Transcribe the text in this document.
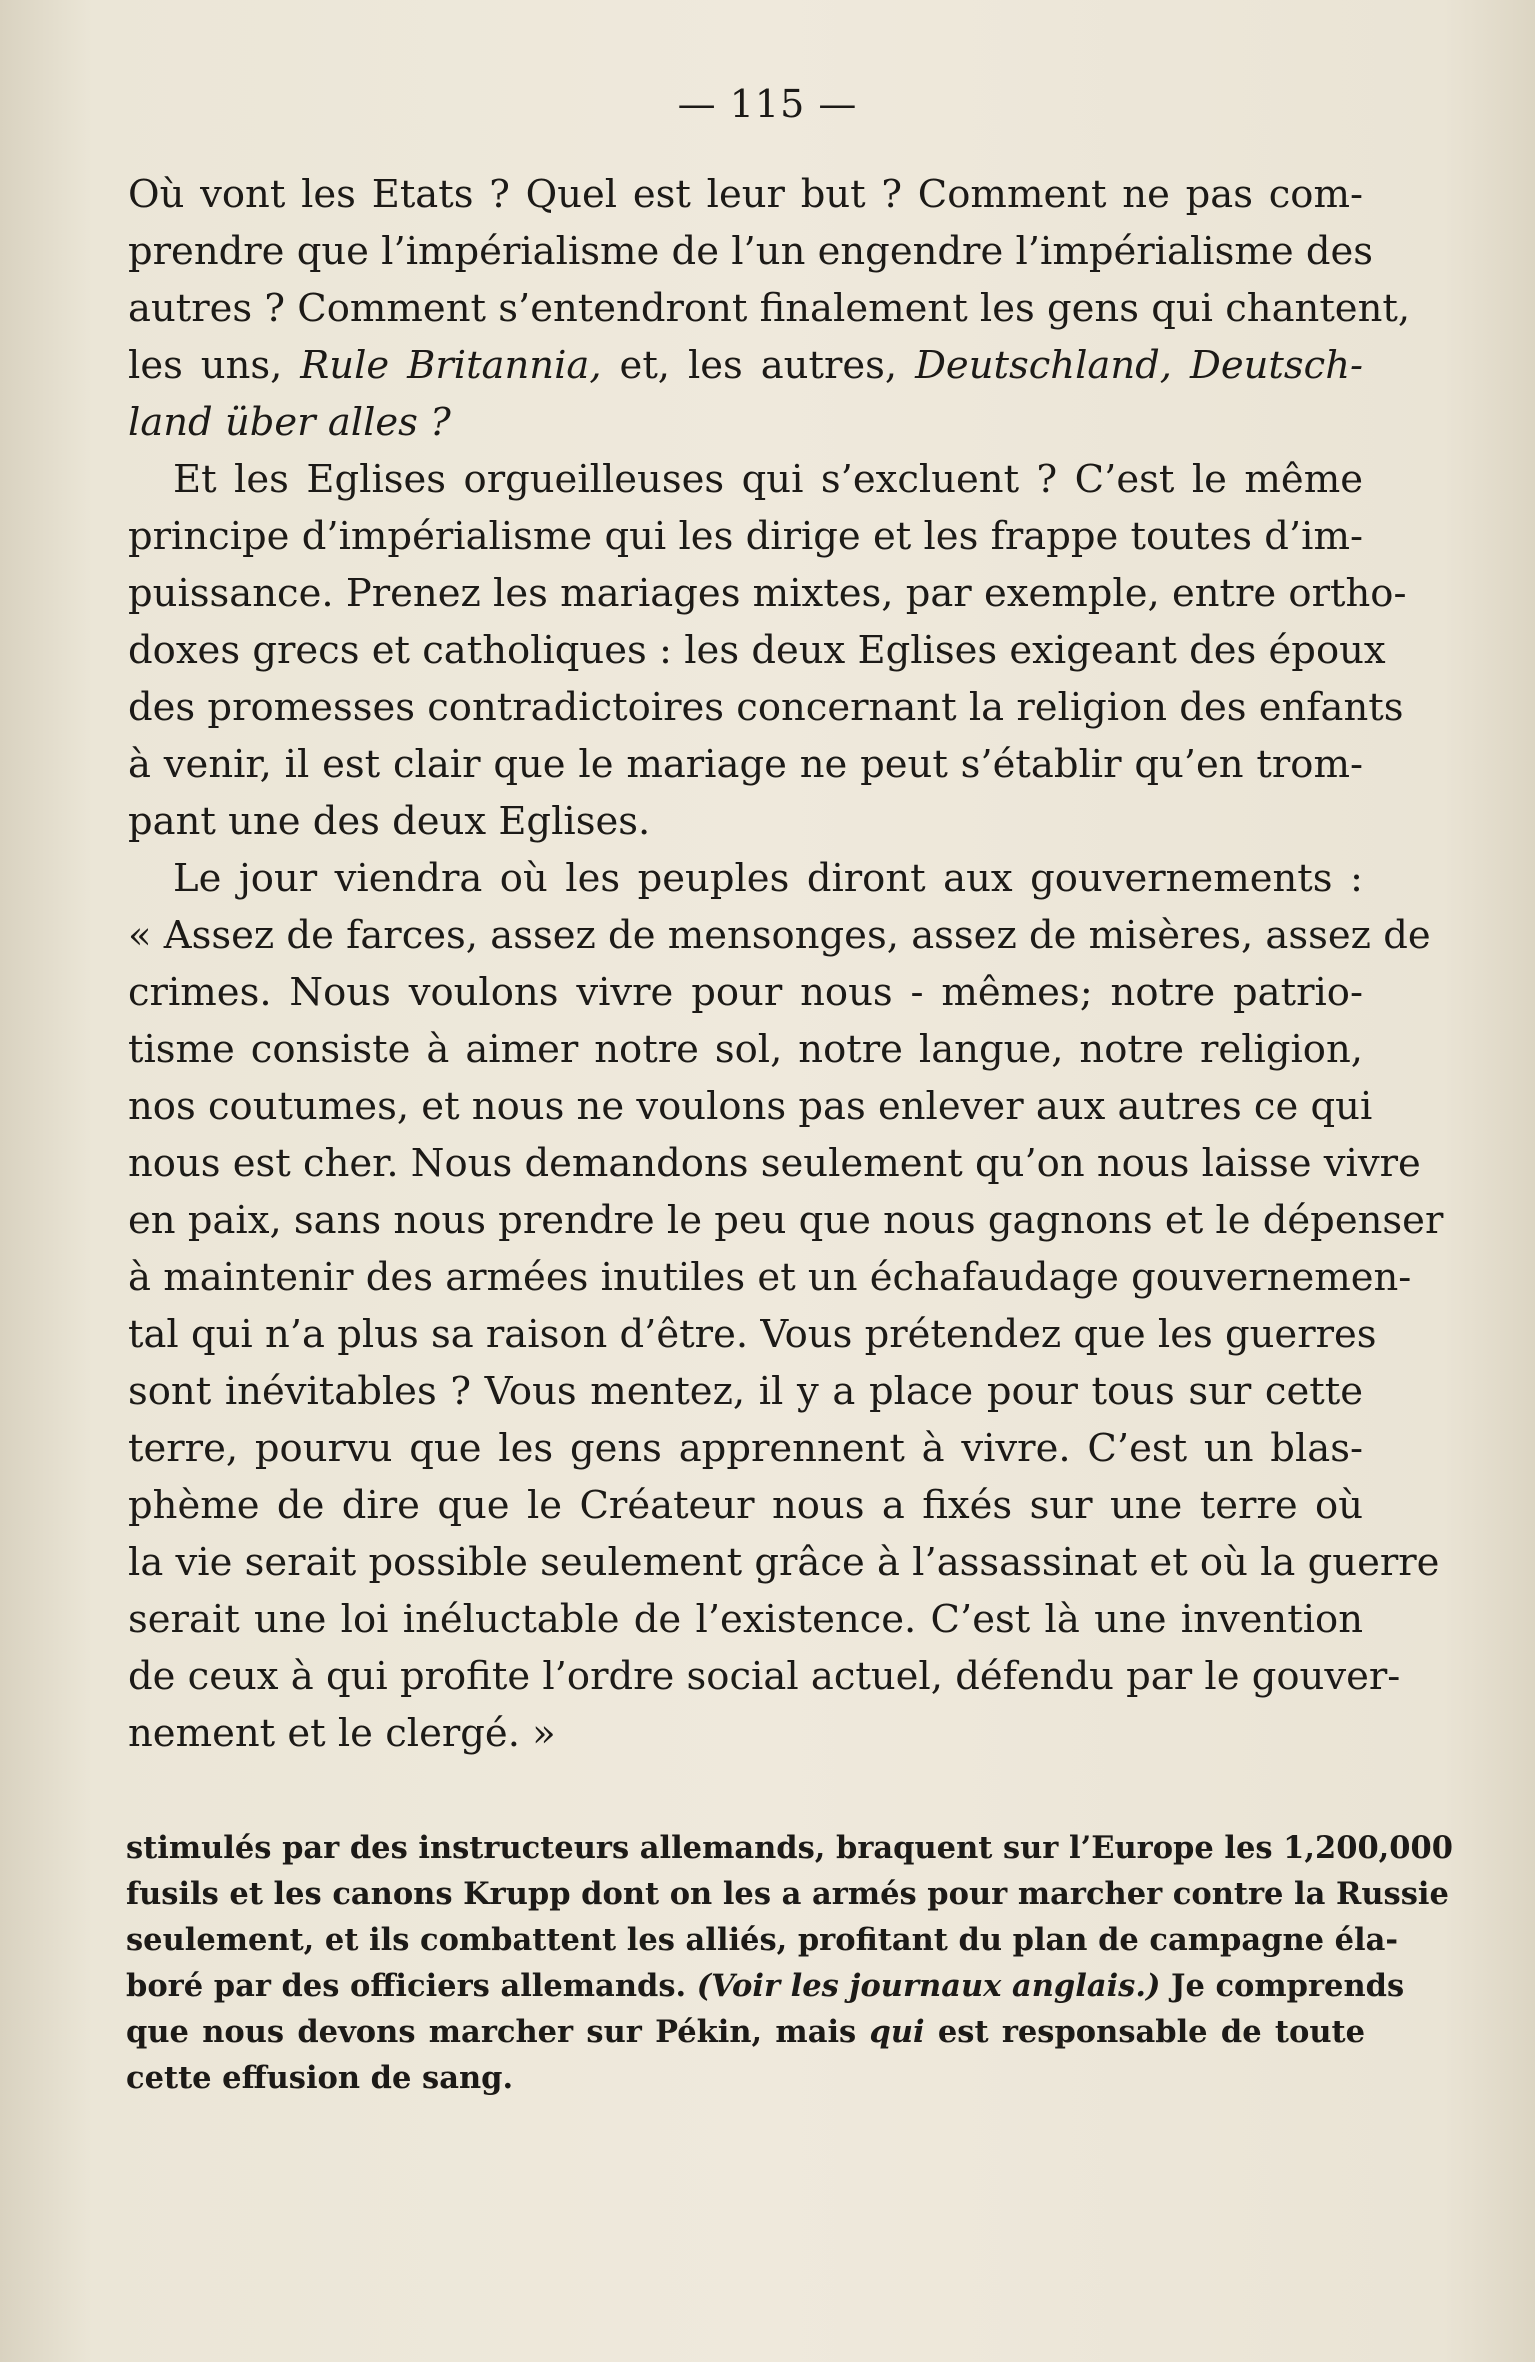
— 115 —
Où vont les Etats ? Quel est leur but ? Comment ne pas com-
prendre que l’impérialisme de l’un engendre l’impérialisme des
autres ? Comment s’entendront finalement les gens qui chantent,
les uns, Rule Britannia, et, les autres, Deutschland, Deutsch-
land über alles ?
Et les Eglises orgueilleuses qui s’excluent ? C’est le même
principe d’impérialisme qui les dirige et les frappe toutes d’im-
puissance. Prenez les mariages mixtes, par exemple, entre ortho-
doxes grecs et catholiques : les deux Eglises exigeant des époux
des promesses contradictoires concernant la religion des enfants
à venir, il est clair que le mariage ne peut s’établir qu’en trom-
pant une des deux Eglises.
Le jour viendra où les peuples diront aux gouvernements :
« Assez de farces, assez de mensonges, assez de misères, assez de
crimes. Nous voulons vivre pour nous - mêmes; notre patrio-
tisme consiste à aimer notre sol, notre langue, notre religion,
nos coutumes, et nous ne voulons pas enlever aux autres ce qui
nous est cher. Nous demandons seulement qu’on nous laisse vivre
en paix, sans nous prendre le peu que nous gagnons et le dépenser
à maintenir des armées inutiles et un échafaudage gouvernemen-
tal qui n’a plus sa raison d’être. Vous prétendez que les guerres
sont inévitables ? Vous mentez, il y a place pour tous sur cette
terre, pourvu que les gens apprennent à vivre. C’est un blas-
phème de dire que le Créateur nous a fixés sur une terre où
la vie serait possible seulement grâce à l’assassinat et où la guerre
serait une loi inéluctable de l’existence. C’est là une invention
de ceux à qui profite l’ordre social actuel, défendu par le gouver-
nement et le clergé. »
stimulés par des instructeurs allemands, braquent sur l’Europe les 1,200,000
fusils et les canons Krupp dont on les a armés pour marcher contre la Russie
seulement, et ils combattent les alliés, profitant du plan de campagne éla-
boré par des officiers allemands. (Voir les journaux anglais.) Je comprends
que nous devons marcher sur Pékin, mais qui est responsable de toute
cette effusion de sang.
